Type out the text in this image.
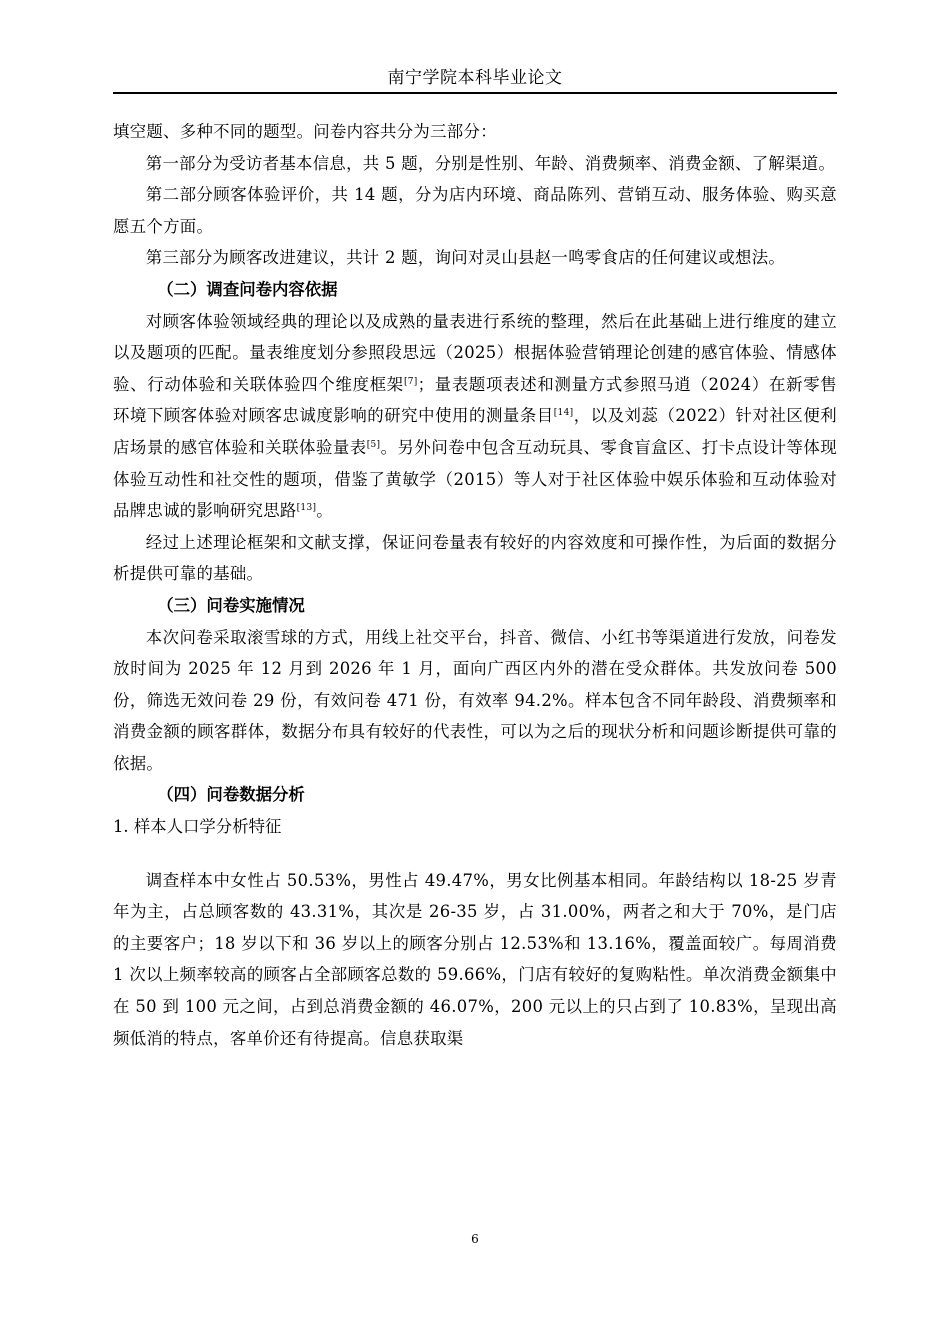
南宁学院本科毕业论文

填空题、多种不同的题型。问卷内容共分为三部分：

第一部分为受访者基本信息，共 5 题，分别是性别、年龄、消费频率、消费金额、了解渠道。

第二部分顾客体验评价，共 14 题，分为店内环境、商品陈列、营销互动、服务体验、购买意愿五个方面。

第三部分为顾客改进建议，共计 2 题，询问对灵山县赵一鸣零食店的任何建议或想法。

（二）调查问卷内容依据

对顾客体验领域经典的理论以及成熟的量表进行系统的整理，然后在此基础上进行维度的建立以及题项的匹配。量表维度划分参照段思远（2025）根据体验营销理论创建的感官体验、情感体验、行动体验和关联体验四个维度框架[7]；量表题项表述和测量方式参照马逍（2024）在新零售环境下顾客体验对顾客忠诚度影响的研究中使用的测量条目[14]，以及刘蕊（2022）针对社区便利店场景的感官体验和关联体验量表[5]。另外问卷中包含互动玩具、零食盲盒区、打卡点设计等体现体验互动性和社交性的题项，借鉴了黄敏学（2015）等人对于社区体验中娱乐体验和互动体验对品牌忠诚的影响研究思路[13]。

经过上述理论框架和文献支撑，保证问卷量表有较好的内容效度和可操作性，为后面的数据分析提供可靠的基础。

（三）问卷实施情况

本次问卷采取滚雪球的方式，用线上社交平台，抖音、微信、小红书等渠道进行发放，问卷发放时间为 2025 年 12 月到 2026 年 1 月，面向广西区内外的潜在受众群体。共发放问卷 500 份，筛选无效问卷 29 份，有效问卷 471 份，有效率 94.2%。样本包含不同年龄段、消费频率和消费金额的顾客群体，数据分布具有较好的代表性，可以为之后的现状分析和问题诊断提供可靠的依据。

（四）问卷数据分析

1. 样本人口学分析特征

调查样本中女性占 50.53%，男性占 49.47%，男女比例基本相同。年龄结构以 18-25 岁青年为主，占总顾客数的 43.31%，其次是 26-35 岁，占 31.00%，两者之和大于 70%，是门店的主要客户；18 岁以下和 36 岁以上的顾客分别占 12.53%和 13.16%，覆盖面较广。每周消费 1 次以上频率较高的顾客占全部顾客总数的 59.66%，门店有较好的复购粘性。单次消费金额集中在 50 到 100 元之间，占到总消费金额的 46.07%，200 元以上的只占到了 10.83%，呈现出高频低消的特点，客单价还有待提高。信息获取渠

6
